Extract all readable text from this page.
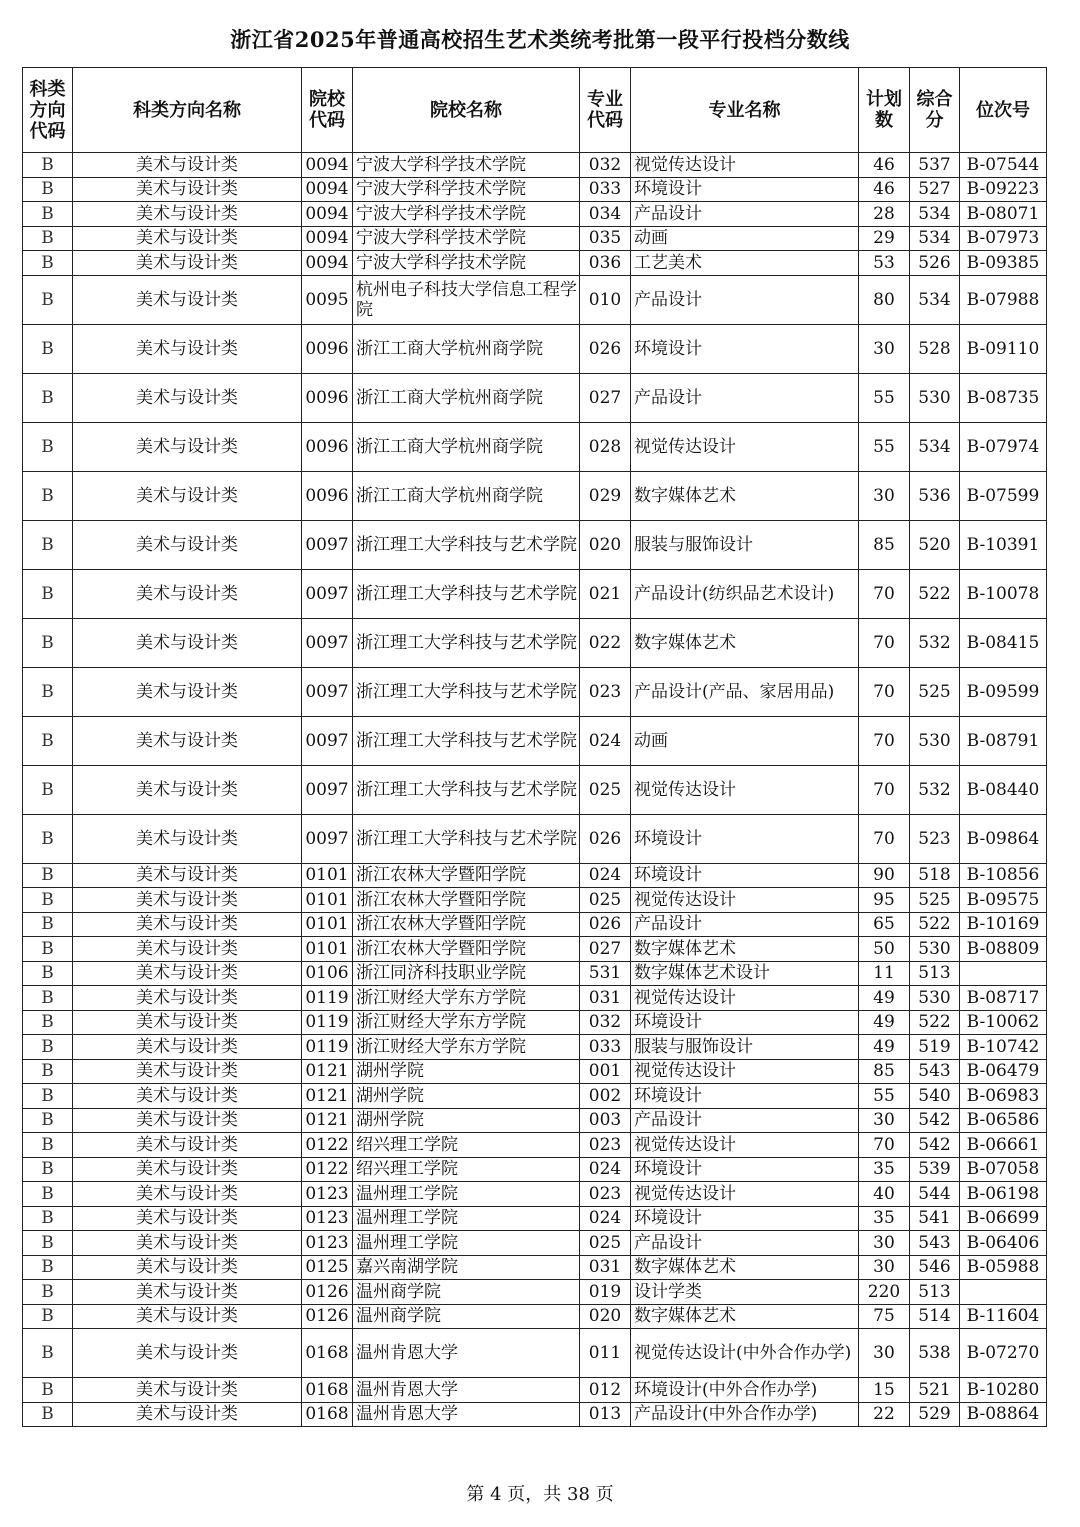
浙江省2025年普通高校招生艺术类统考批第一段平行投档分数线
科类方向代码	科类方向名称	院校代码	院校名称	专业代码	专业名称	计划数	综合分	位次号
B	美术与设计类	0094	宁波大学科学技术学院	032	视觉传达设计	46	537	B-07544
B	美术与设计类	0094	宁波大学科学技术学院	033	环境设计	46	527	B-09223
B	美术与设计类	0094	宁波大学科学技术学院	034	产品设计	28	534	B-08071
B	美术与设计类	0094	宁波大学科学技术学院	035	动画	29	534	B-07973
B	美术与设计类	0094	宁波大学科学技术学院	036	工艺美术	53	526	B-09385
B	美术与设计类	0095	杭州电子科技大学信息工程学院	010	产品设计	80	534	B-07988
B	美术与设计类	0096	浙江工商大学杭州商学院	026	环境设计	30	528	B-09110
B	美术与设计类	0096	浙江工商大学杭州商学院	027	产品设计	55	530	B-08735
B	美术与设计类	0096	浙江工商大学杭州商学院	028	视觉传达设计	55	534	B-07974
B	美术与设计类	0096	浙江工商大学杭州商学院	029	数字媒体艺术	30	536	B-07599
B	美术与设计类	0097	浙江理工大学科技与艺术学院	020	服装与服饰设计	85	520	B-10391
B	美术与设计类	0097	浙江理工大学科技与艺术学院	021	产品设计(纺织品艺术设计)	70	522	B-10078
B	美术与设计类	0097	浙江理工大学科技与艺术学院	022	数字媒体艺术	70	532	B-08415
B	美术与设计类	0097	浙江理工大学科技与艺术学院	023	产品设计(产品、家居用品)	70	525	B-09599
B	美术与设计类	0097	浙江理工大学科技与艺术学院	024	动画	70	530	B-08791
B	美术与设计类	0097	浙江理工大学科技与艺术学院	025	视觉传达设计	70	532	B-08440
B	美术与设计类	0097	浙江理工大学科技与艺术学院	026	环境设计	70	523	B-09864
B	美术与设计类	0101	浙江农林大学暨阳学院	024	环境设计	90	518	B-10856
B	美术与设计类	0101	浙江农林大学暨阳学院	025	视觉传达设计	95	525	B-09575
B	美术与设计类	0101	浙江农林大学暨阳学院	026	产品设计	65	522	B-10169
B	美术与设计类	0101	浙江农林大学暨阳学院	027	数字媒体艺术	50	530	B-08809
B	美术与设计类	0106	浙江同济科技职业学院	531	数字媒体艺术设计	11	513	
B	美术与设计类	0119	浙江财经大学东方学院	031	视觉传达设计	49	530	B-08717
B	美术与设计类	0119	浙江财经大学东方学院	032	环境设计	49	522	B-10062
B	美术与设计类	0119	浙江财经大学东方学院	033	服装与服饰设计	49	519	B-10742
B	美术与设计类	0121	湖州学院	001	视觉传达设计	85	543	B-06479
B	美术与设计类	0121	湖州学院	002	环境设计	55	540	B-06983
B	美术与设计类	0121	湖州学院	003	产品设计	30	542	B-06586
B	美术与设计类	0122	绍兴理工学院	023	视觉传达设计	70	542	B-06661
B	美术与设计类	0122	绍兴理工学院	024	环境设计	35	539	B-07058
B	美术与设计类	0123	温州理工学院	023	视觉传达设计	40	544	B-06198
B	美术与设计类	0123	温州理工学院	024	环境设计	35	541	B-06699
B	美术与设计类	0123	温州理工学院	025	产品设计	30	543	B-06406
B	美术与设计类	0125	嘉兴南湖学院	031	数字媒体艺术	30	546	B-05988
B	美术与设计类	0126	温州商学院	019	设计学类	220	513	
B	美术与设计类	0126	温州商学院	020	数字媒体艺术	75	514	B-11604
B	美术与设计类	0168	温州肯恩大学	011	视觉传达设计(中外合作办学)	30	538	B-07270
B	美术与设计类	0168	温州肯恩大学	012	环境设计(中外合作办学)	15	521	B-10280
B	美术与设计类	0168	温州肯恩大学	013	产品设计(中外合作办学)	22	529	B-08864
第 4 页，共 38 页
